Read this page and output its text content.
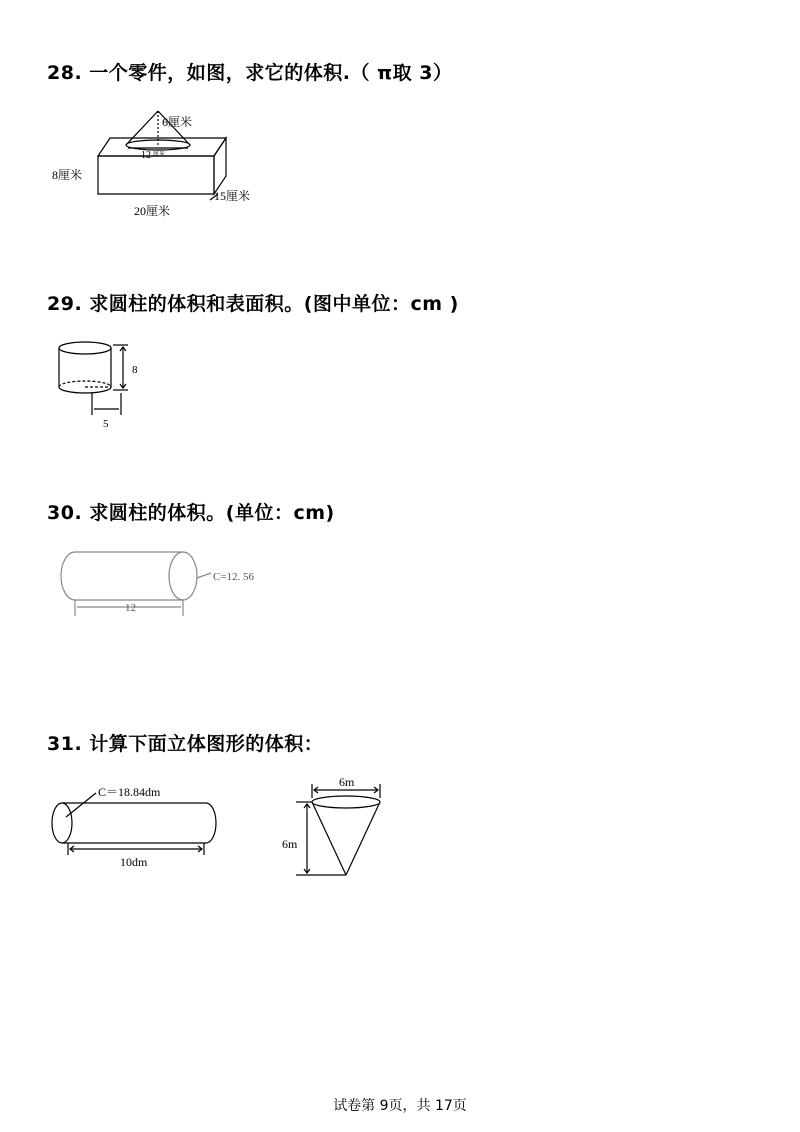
28. 一个零件，如图，求它的体积.（ π取 3）
6厘米
12 厘米
8厘米
15厘米
20厘米
29. 求圆柱的体积和表面积。(图中单位：cm )
8
5
30. 求圆柱的体积。(单位：cm)
C=12. 56
12
31. 计算下面立体图形的体积：
C＝18.84dm
10dm
6m
6m
试卷第 9页，共 17页
